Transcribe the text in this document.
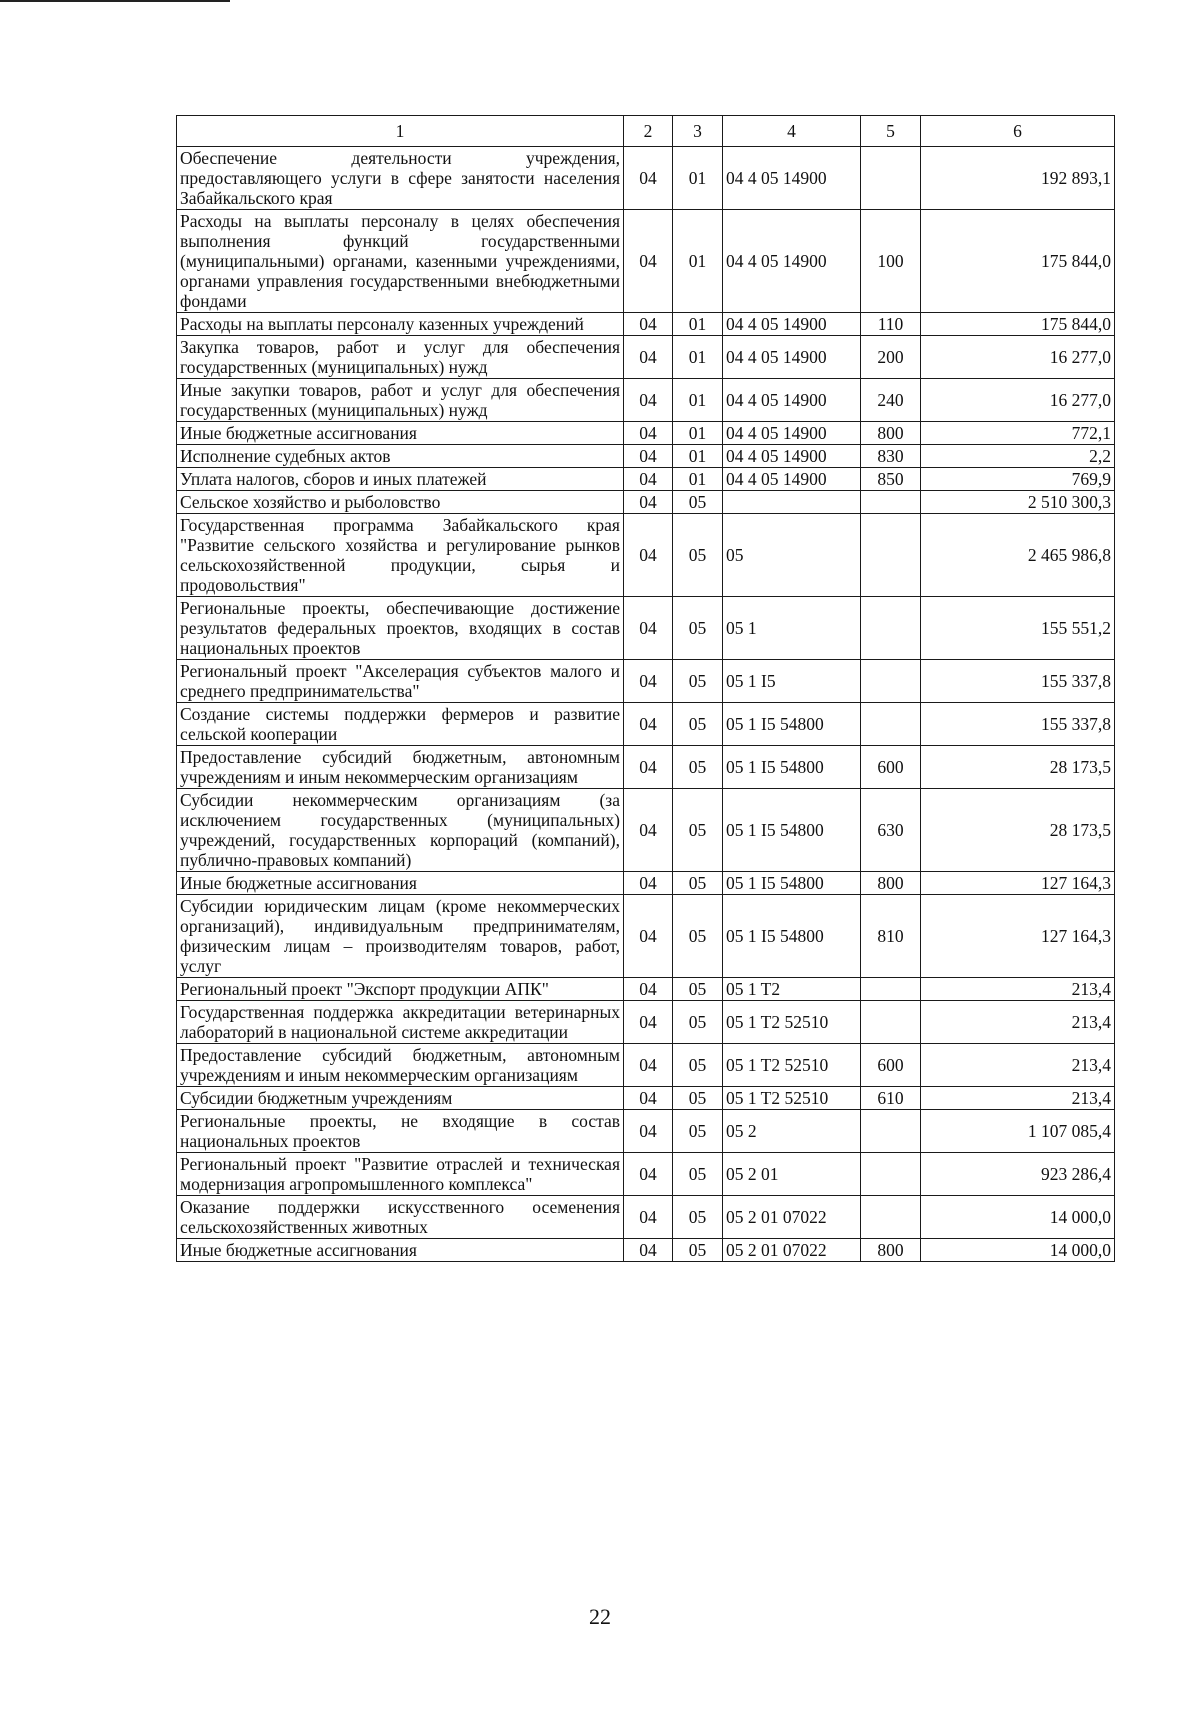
1	2	3	4	5	6
Обеспечение деятельности учреждения, предоставляющего услуги в сфере занятости населения Забайкальского края	04	01	04 4 05 14900		192 893,1
Расходы на выплаты персоналу в целях обеспечения выполнения функций государственными (муниципальными) органами, казенными учреждениями, органами управления государственными внебюджетными фондами	04	01	04 4 05 14900	100	175 844,0
Расходы на выплаты персоналу казенных учреждений	04	01	04 4 05 14900	110	175 844,0
Закупка товаров, работ и услуг для обеспечения государственных (муниципальных) нужд	04	01	04 4 05 14900	200	16 277,0
Иные закупки товаров, работ и услуг для обеспечения государственных (муниципальных) нужд	04	01	04 4 05 14900	240	16 277,0
Иные бюджетные ассигнования	04	01	04 4 05 14900	800	772,1
Исполнение судебных актов	04	01	04 4 05 14900	830	2,2
Уплата налогов, сборов и иных платежей	04	01	04 4 05 14900	850	769,9
Сельское хозяйство и рыболовство	04	05			2 510 300,3
Государственная программа Забайкальского края "Развитие сельского хозяйства и регулирование рынков сельскохозяйственной продукции, сырья и продовольствия"	04	05	05		2 465 986,8
Региональные проекты, обеспечивающие достижение результатов федеральных проектов, входящих в состав национальных проектов	04	05	05 1		155 551,2
Региональный проект "Акселерация субъектов малого и среднего предпринимательства"	04	05	05 1 I5		155 337,8
Создание системы поддержки фермеров и развитие сельской кооперации	04	05	05 1 I5 54800		155 337,8
Предоставление субсидий бюджетным, автономным учреждениям и иным некоммерческим организациям	04	05	05 1 I5 54800	600	28 173,5
Субсидии некоммерческим организациям (за исключением государственных (муниципальных) учреждений, государственных корпораций (компаний), публично-правовых компаний)	04	05	05 1 I5 54800	630	28 173,5
Иные бюджетные ассигнования	04	05	05 1 I5 54800	800	127 164,3
Субсидии юридическим лицам (кроме некоммерческих организаций), индивидуальным предпринимателям, физическим лицам – производителям товаров, работ, услуг	04	05	05 1 I5 54800	810	127 164,3
Региональный проект "Экспорт продукции АПК"	04	05	05 1 T2		213,4
Государственная поддержка аккредитации ветеринарных лабораторий в национальной системе аккредитации	04	05	05 1 T2 52510		213,4
Предоставление субсидий бюджетным, автономным учреждениям и иным некоммерческим организациям	04	05	05 1 T2 52510	600	213,4
Субсидии бюджетным учреждениям	04	05	05 1 T2 52510	610	213,4
Региональные проекты, не входящие в состав национальных проектов	04	05	05 2		1 107 085,4
Региональный проект "Развитие отраслей и техническая модернизация агропромышленного комплекса"	04	05	05 2 01		923 286,4
Оказание поддержки искусственного осеменения сельскохозяйственных животных	04	05	05 2 01 07022		14 000,0
Иные бюджетные ассигнования	04	05	05 2 01 07022	800	14 000,0
22
